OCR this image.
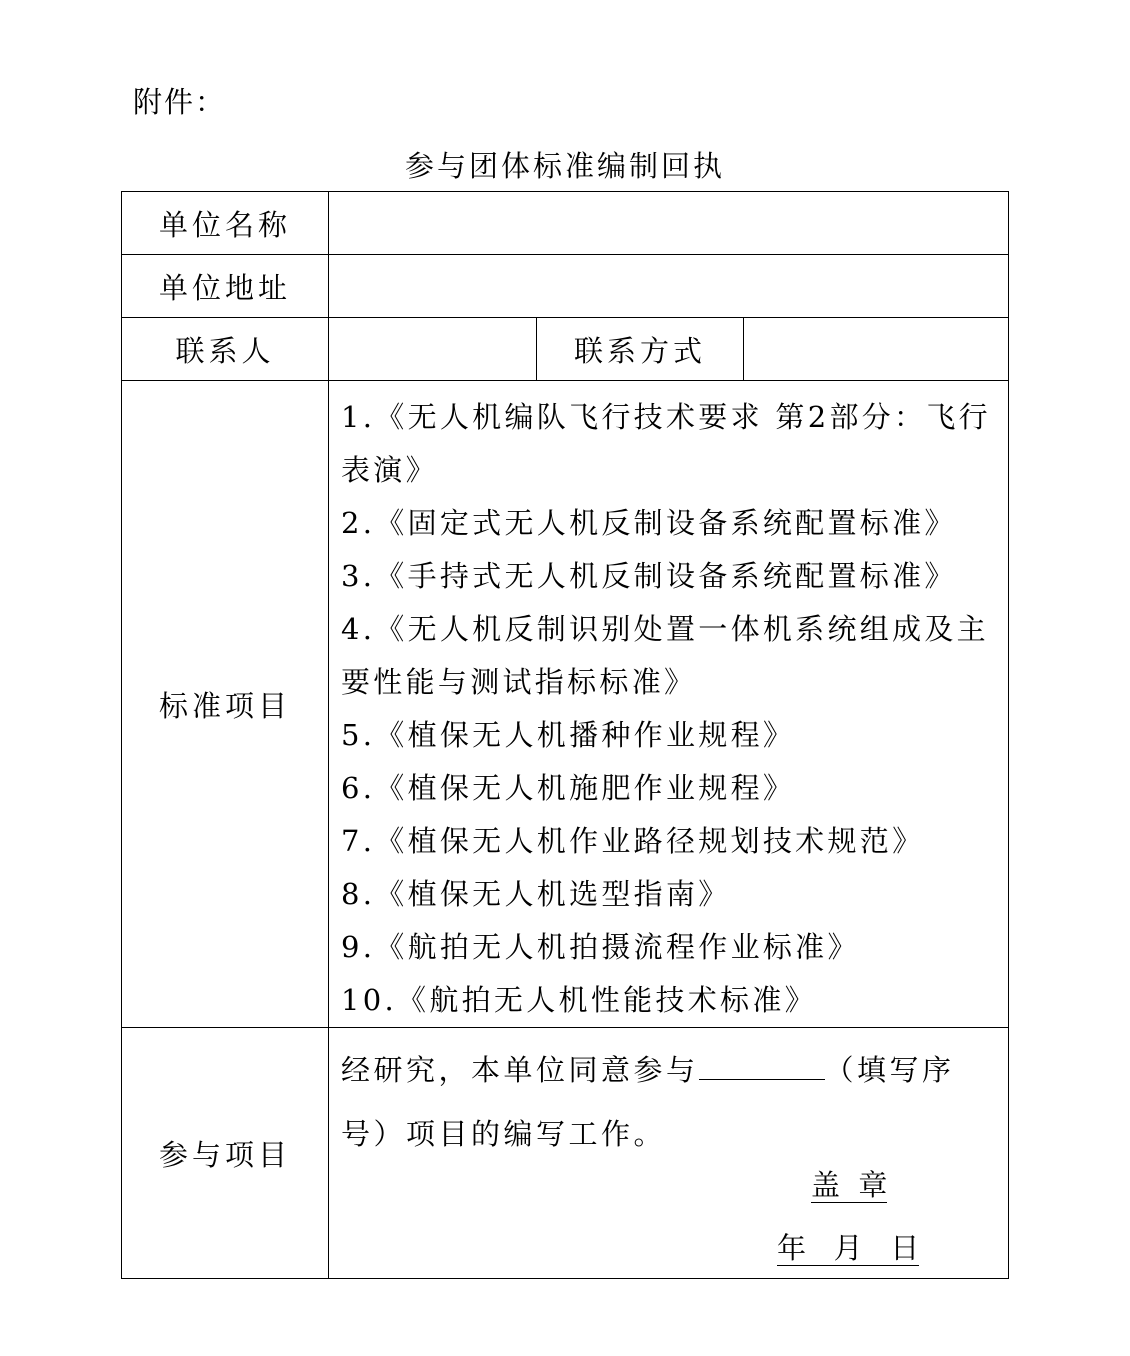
附件：
参与团体标准编制回执
单位名称
单位地址
联系人	联系方式
标准项目
1.《无人机编队飞行技术要求 第2部分：飞行表演》
2.《固定式无人机反制设备系统配置标准》
3.《手持式无人机反制设备系统配置标准》
4.《无人机反制识别处置一体机系统组成及主要性能与测试指标标准》
5.《植保无人机播种作业规程》
6.《植保无人机施肥作业规程》
7.《植保无人机作业路径规划技术规范》
8.《植保无人机选型指南》
9.《航拍无人机拍摄流程作业标准》
10.《航拍无人机性能技术标准》
参与项目
经研究，本单位同意参与	（填写序号）项目的编写工作。
盖  章
年   月   日
